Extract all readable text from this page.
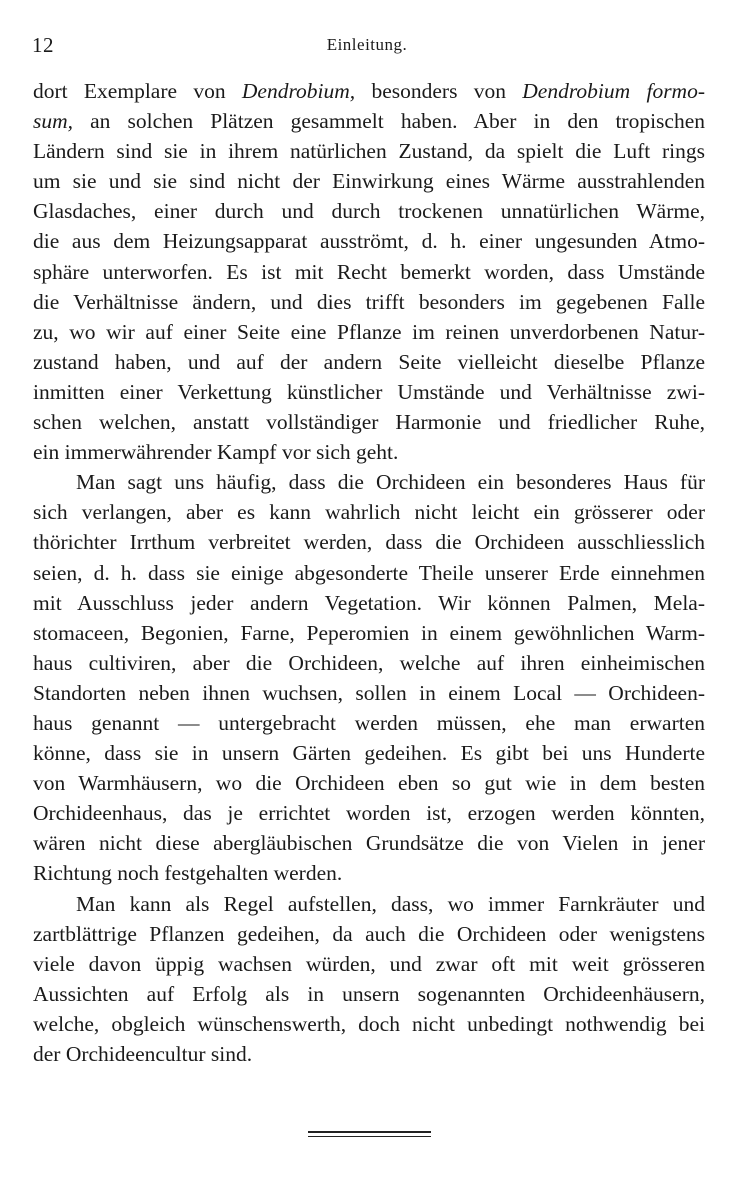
12	Einleitung.
dort Exemplare von Dendrobium, besonders von Dendrobium formo-
sum, an solchen Plätzen gesammelt haben. Aber in den tropischen
Ländern sind sie in ihrem natürlichen Zustand, da spielt die Luft rings
um sie und sie sind nicht der Einwirkung eines Wärme ausstrahlenden
Glasdaches, einer durch und durch trockenen unnatürlichen Wärme,
die aus dem Heizungsapparat ausströmt, d. h. einer ungesunden Atmo-
sphäre unterworfen. Es ist mit Recht bemerkt worden, dass Umstände
die Verhältnisse ändern, und dies trifft besonders im gegebenen Falle
zu, wo wir auf einer Seite eine Pflanze im reinen unverdorbenen Natur-
zustand haben, und auf der andern Seite vielleicht dieselbe Pflanze
inmitten einer Verkettung künstlicher Umstände und Verhältnisse zwi-
schen welchen, anstatt vollständiger Harmonie und friedlicher Ruhe,
ein immerwährender Kampf vor sich geht.
Man sagt uns häufig, dass die Orchideen ein besonderes Haus für
sich verlangen, aber es kann wahrlich nicht leicht ein grösserer oder
thörichter Irrthum verbreitet werden, dass die Orchideen ausschliesslich
seien, d. h. dass sie einige abgesonderte Theile unserer Erde einnehmen
mit Ausschluss jeder andern Vegetation. Wir können Palmen, Mela-
stomaceen, Begonien, Farne, Peperomien in einem gewöhnlichen Warm-
haus cultiviren, aber die Orchideen, welche auf ihren einheimischen
Standorten neben ihnen wuchsen, sollen in einem Local — Orchideen-
haus genannt — untergebracht werden müssen, ehe man erwarten
könne, dass sie in unsern Gärten gedeihen. Es gibt bei uns Hunderte
von Warmhäusern, wo die Orchideen eben so gut wie in dem besten
Orchideenhaus, das je errichtet worden ist, erzogen werden könnten,
wären nicht diese abergläubischen Grundsätze die von Vielen in jener
Richtung noch festgehalten werden.
Man kann als Regel aufstellen, dass, wo immer Farnkräuter und
zartblättrige Pflanzen gedeihen, da auch die Orchideen oder wenigstens
viele davon üppig wachsen würden, und zwar oft mit weit grösseren
Aussichten auf Erfolg als in unsern sogenannten Orchideenhäusern,
welche, obgleich wünschenswerth, doch nicht unbedingt nothwendig bei
der Orchideencultur sind.
